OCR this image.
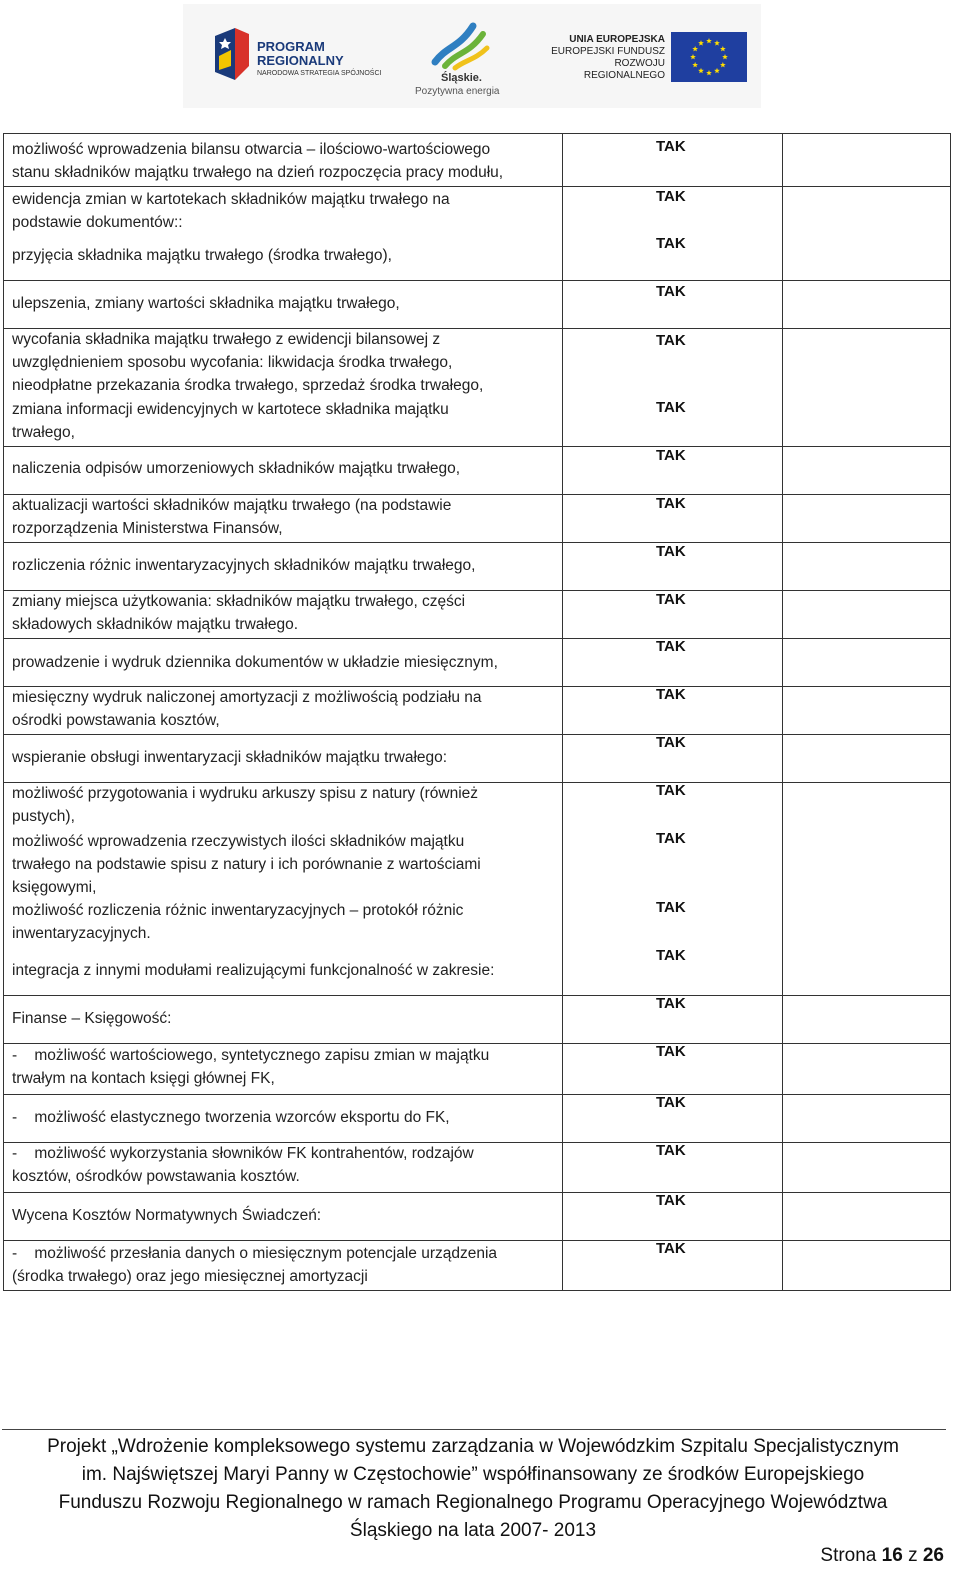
PROGRAM
REGIONALNY
NARODOWA STRATEGIA SPÓJNOŚCI	Śląskie.
Pozytywna energia
UNIA EUROPEJSKA
EUROPEJSKI FUNDUSZ
ROZWOJU REGIONALNEGO
możliwość wprowadzenia bilansu otwarcia – ilościowo-wartościowego
stanu składników majątku trwałego na dzień rozpoczęcia pracy modułu,
TAK
ewidencja zmian w kartotekach składników majątku trwałego na
podstawie dokumentów::
TAK
przyjęcia składnika majątku trwałego (środka trwałego),
TAK
ulepszenia, zmiany wartości składnika majątku trwałego,
TAK
wycofania składnika majątku trwałego z ewidencji bilansowej z
uwzględnieniem sposobu wycofania: likwidacja środka trwałego,
nieodpłatne przekazania środka trwałego, sprzedaż środka trwałego,
TAK
zmiana informacji ewidencyjnych w kartotece składnika majątku
trwałego,
TAK
naliczenia odpisów umorzeniowych składników majątku trwałego,
TAK
aktualizacji wartości składników majątku trwałego (na podstawie
rozporządzenia Ministerstwa Finansów,
TAK
rozliczenia różnic inwentaryzacyjnych składników majątku trwałego,
TAK
zmiany miejsca użytkowania: składników majątku trwałego, części
składowych składników majątku trwałego.
TAK
prowadzenie i wydruk dziennika dokumentów w układzie miesięcznym,
TAK
miesięczny wydruk naliczonej amortyzacji z możliwością podziału na
ośrodki powstawania kosztów,
TAK
wspieranie obsługi inwentaryzacji składników majątku trwałego:
TAK
możliwość przygotowania i wydruku arkuszy spisu z natury (również
pustych),
TAK
możliwość wprowadzenia rzeczywistych ilości składników majątku
trwałego na podstawie spisu z natury i ich porównanie z wartościami
księgowymi,
TAK
możliwość rozliczenia różnic inwentaryzacyjnych – protokół różnic
inwentaryzacyjnych.
TAK
integracja z innymi modułami realizującymi funkcjonalność w zakresie:
TAK
Finanse – Księgowość:
TAK
-    możliwość wartościowego, syntetycznego zapisu zmian w majątku
trwałym na kontach księgi głównej FK,
TAK
-    możliwość elastycznego tworzenia wzorców eksportu do FK,
TAK
-    możliwość wykorzystania słowników FK kontrahentów, rodzajów
kosztów, ośrodków powstawania kosztów.
TAK
Wycena Kosztów Normatywnych Świadczeń:
TAK
-    możliwość przesłania danych o miesięcznym potencjale urządzenia
(środka trwałego) oraz jego miesięcznej amortyzacji
TAK
Projekt „Wdrożenie kompleksowego systemu zarządzania w Wojewódzkim Szpitalu Specjalistycznym
im. Najświętszej Maryi Panny w Częstochowie” współfinansowany ze środków Europejskiego
Funduszu Rozwoju Regionalnego w ramach Regionalnego Programu Operacyjnego Województwa
Śląskiego na lata 2007- 2013
Strona 16 z 26
